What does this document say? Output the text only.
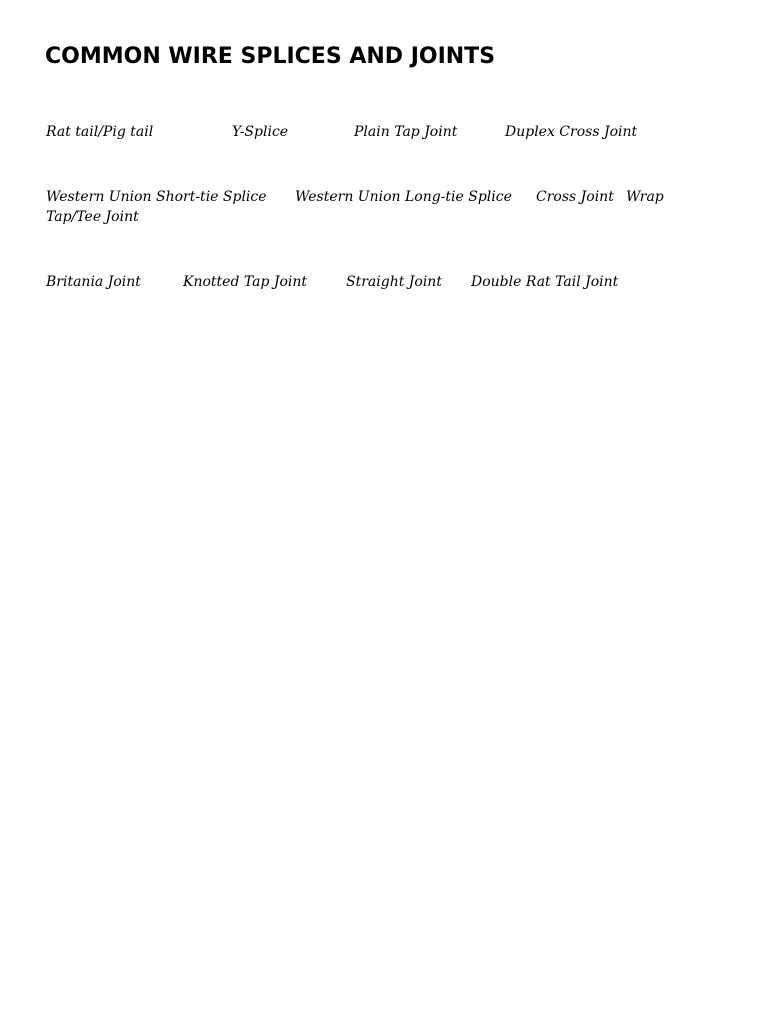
COMMON WIRE SPLICES AND JOINTS
Rat tail/Pig tail	Y-Splice	Plain Tap Joint	Duplex Cross Joint
Western Union Short-tie Splice Western Union Long-tie Splice Cross Joint Wrap
Tap/Tee Joint
Britania Joint	Knotted Tap Joint	Straight Joint Double Rat Tail Joint
